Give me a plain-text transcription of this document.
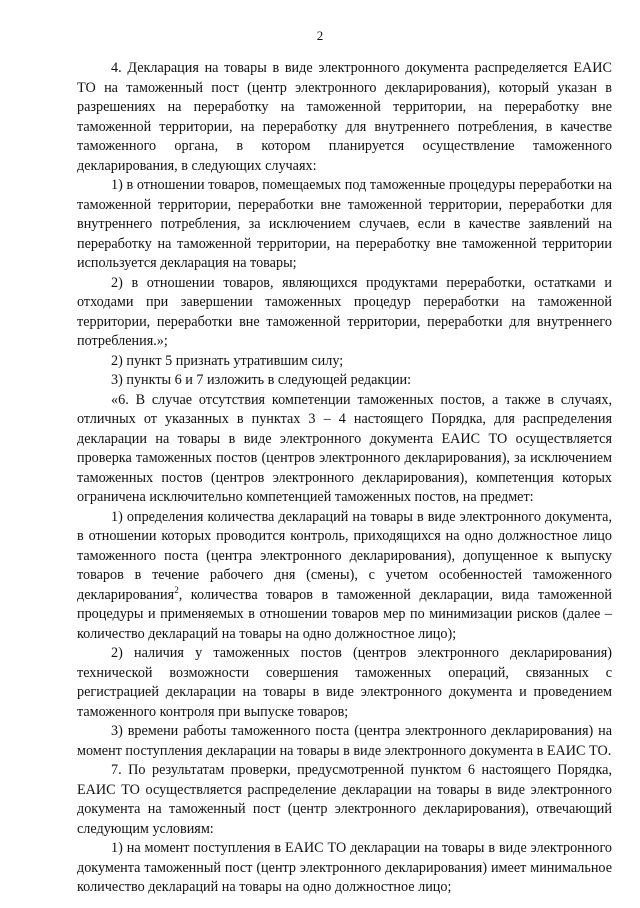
2

4. Декларация на товары в виде электронного документа распределяется ЕАИС ТО на таможенный пост (центр электронного декларирования), который указан в разрешениях на переработку на таможенной территории, на переработку вне таможенной территории, на переработку для внутреннего потребления, в качестве таможенного органа, в котором планируется осуществление таможенного декларирования, в следующих случаях:

1) в отношении товаров, помещаемых под таможенные процедуры переработки на таможенной территории, переработки вне таможенной территории, переработки для внутреннего потребления, за исключением случаев, если в качестве заявлений на переработку на таможенной территории, на переработку вне таможенной территории используется декларация на товары;

2) в отношении товаров, являющихся продуктами переработки, остатками и отходами при завершении таможенных процедур переработки на таможенной территории, переработки вне таможенной территории, переработки для внутреннего потребления.»;

2) пункт 5 признать утратившим силу;

3) пункты 6 и 7 изложить в следующей редакции:

«6. В случае отсутствия компетенции таможенных постов, а также в случаях, отличных от указанных в пунктах 3 – 4 настоящего Порядка, для распределения декларации на товары в виде электронного документа ЕАИС ТО осуществляется проверка таможенных постов (центров электронного декларирования), за исключением таможенных постов (центров электронного декларирования), компетенция которых ограничена исключительно компетенцией таможенных постов, на предмет:

1) определения количества деклараций на товары в виде электронного документа, в отношении которых проводится контроль, приходящихся на одно должностное лицо таможенного поста (центра электронного декларирования), допущенное к выпуску товаров в течение рабочего дня (смены), с учетом особенностей таможенного декларирования$^2$, количества товаров в таможенной декларации, вида таможенной процедуры и применяемых в отношении товаров мер по минимизации рисков (далее – количество деклараций на товары на одно должностное лицо);

2) наличия у таможенных постов (центров электронного декларирования) технической возможности совершения таможенных операций, связанных с регистрацией декларации на товары в виде электронного документа и проведением таможенного контроля при выпуске товаров;

3) времени работы таможенного поста (центра электронного декларирования) на момент поступления декларации на товары в виде электронного документа в ЕАИС ТО.

7. По результатам проверки, предусмотренной пунктом 6 настоящего Порядка, ЕАИС ТО осуществляется распределение декларации на товары в виде электронного документа на таможенный пост (центр электронного декларирования), отвечающий следующим условиям:

1) на момент поступления в ЕАИС ТО декларации на товары в виде электронного документа таможенный пост (центр электронного декларирования) имеет минимальное количество деклараций на товары на одно должностное лицо;
